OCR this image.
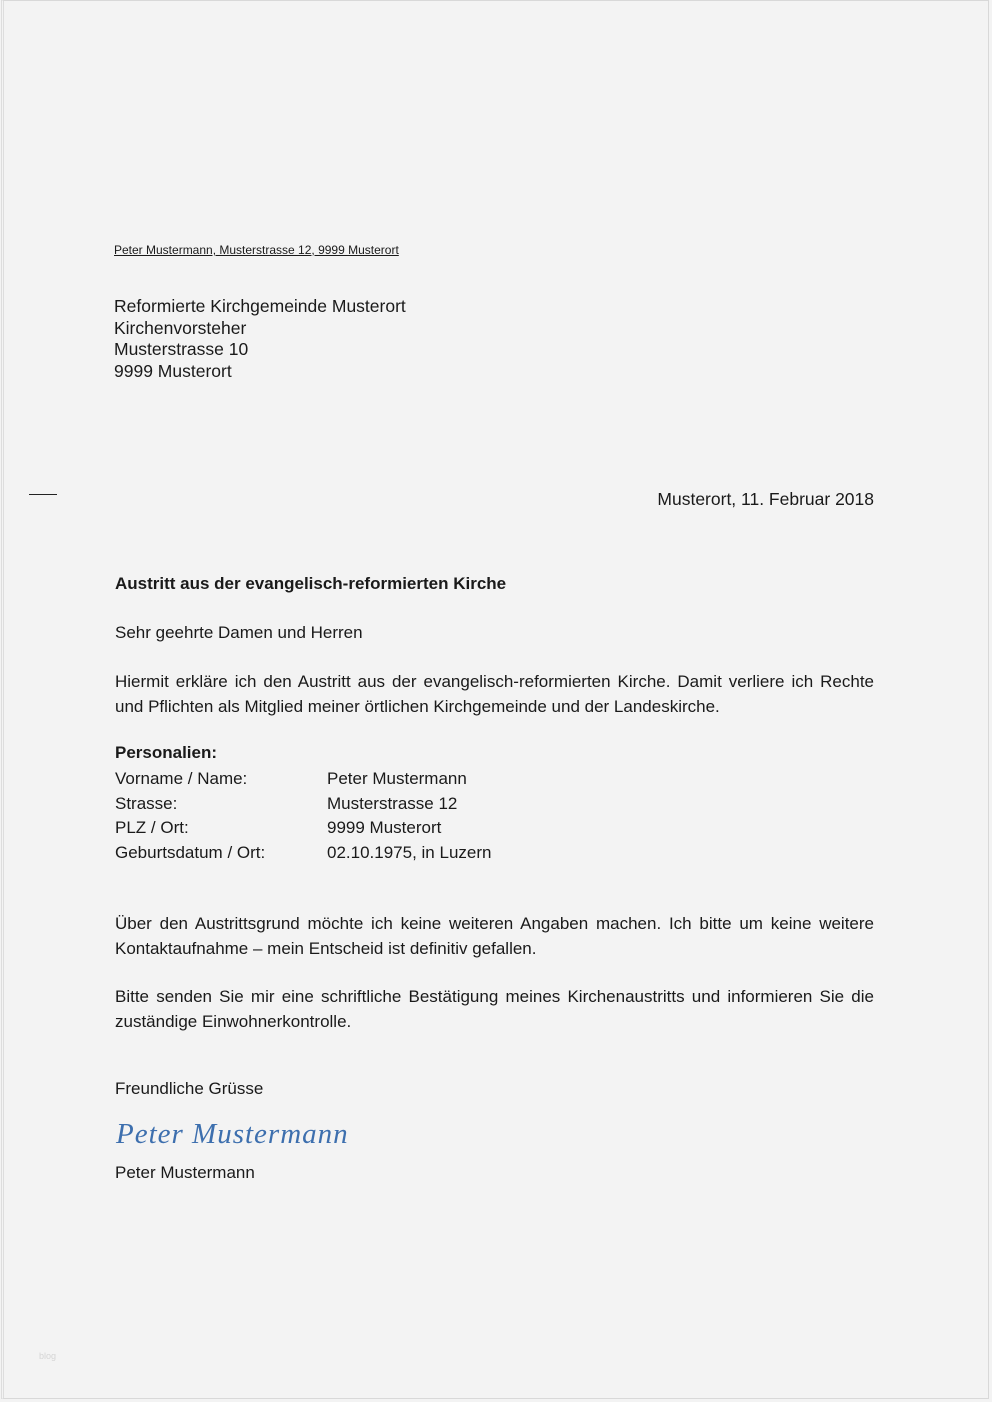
Peter Mustermann, Musterstrasse 12, 9999 Musterort
Reformierte Kirchgemeinde Musterort
Kirchenvorsteher
Musterstrasse 10
9999 Musterort
Musterort, 11. Februar 2018
Austritt aus der evangelisch-reformierten Kirche
Sehr geehrte Damen und Herren
Hiermit erkläre ich den Austritt aus der evangelisch-reformierten Kirche. Damit verliere ich Rechte und Pflichten als Mitglied meiner örtlichen Kirchgemeinde und der Landeskirche.
Personalien:
Vorname / Name:	Peter Mustermann
Strasse:	Musterstrasse 12
PLZ / Ort:	9999 Musterort
Geburtsdatum / Ort:	02.10.1975, in Luzern
Über den Austrittsgrund möchte ich keine weiteren Angaben machen. Ich bitte um keine weitere Kontaktaufnahme – mein Entscheid ist definitiv gefallen.
Bitte senden Sie mir eine schriftliche Bestätigung meines Kirchenaustritts und informieren Sie die zuständige Einwohnerkontrolle.
Freundliche Grüsse
Peter Mustermann
Peter Mustermann
blog
